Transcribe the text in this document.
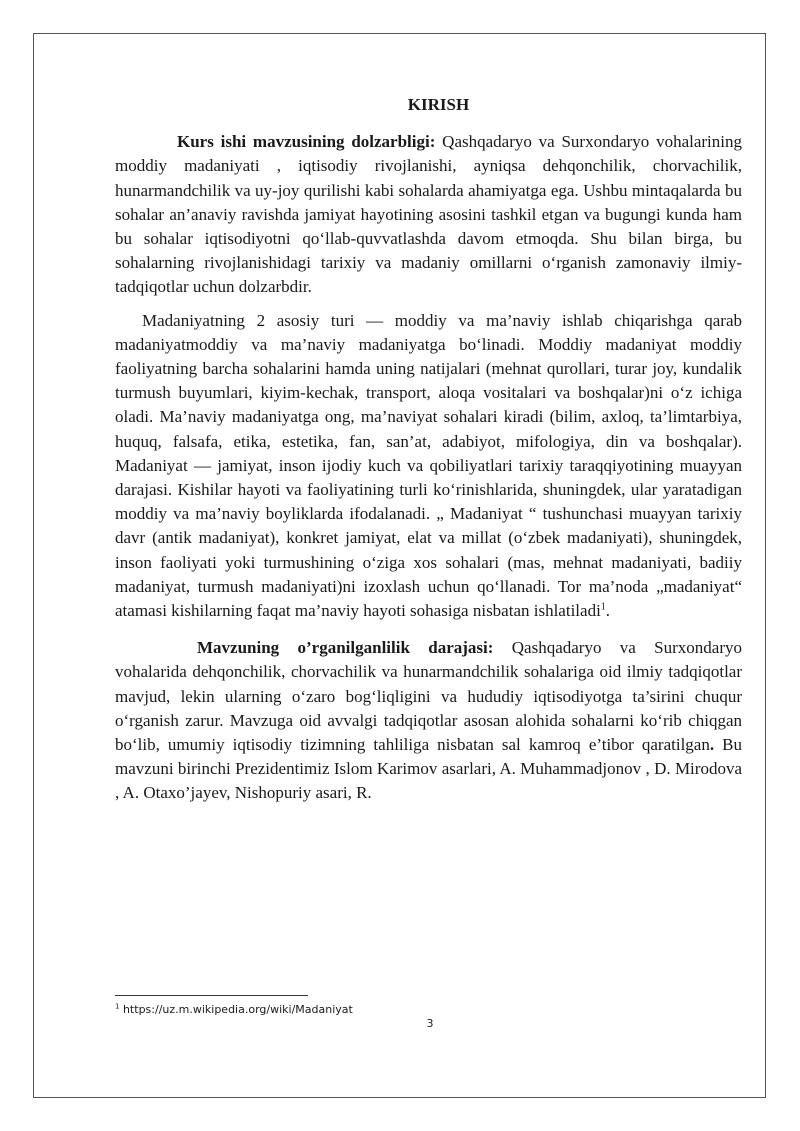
KIRISH

Kurs ishi mavzusining dolzarbligi: Qashqadaryo va Surxondaryo vohalarining moddiy madaniyati , iqtisodiy rivojlanishi, ayniqsa dehqonchilik, chorvachilik, hunarmandchilik va uy-joy qurilishi kabi sohalarda ahamiyatga ega. Ushbu mintaqalarda bu sohalar an’anaviy ravishda jamiyat hayotining asosini tashkil etgan va bugungi kunda ham bu sohalar iqtisodiyotni qo‘llab-quvvatlashda davom etmoqda. Shu bilan birga, bu sohalarning rivojlanishidagi tarixiy va madaniy omillarni o‘rganish zamonaviy ilmiy-tadqiqotlar uchun dolzarbdir.

Madaniyatning 2 asosiy turi — moddiy va ma’naviy ishlab chiqarishga qarab madaniyatmoddiy va ma’naviy madaniyatga bo‘linadi. Moddiy madaniyat moddiy faoliyatning barcha sohalarini hamda uning natijalari (mehnat qurollari, turar joy, kundalik turmush buyumlari, kiyim-kechak, transport, aloqa vositalari va boshqalar)ni o‘z ichiga oladi. Ma’naviy madaniyatga ong, ma’naviyat sohalari kiradi (bilim, axloq, ta’limtarbiya, huquq, falsafa, etika, estetika, fan, san’at, adabiyot, mifologiya, din va boshqalar). Madaniyat — jamiyat, inson ijodiy kuch va qobiliyatlari tarixiy taraqqiyotining muayyan darajasi. Kishilar hayoti va faoliyatining turli ko‘rinishlarida, shuningdek, ular yaratadigan moddiy va ma’naviy boyliklarda ifodalanadi. „ Madaniyat “ tushunchasi muayyan tarixiy davr (antik madaniyat), konkret jamiyat, elat va millat (o‘zbek madaniyati), shuningdek, inson faoliyati yoki turmushining o‘ziga xos sohalari (mas, mehnat madaniyati, badiiy madaniyat, turmush madaniyati)ni izoxlash uchun qo‘llanadi. Tor ma’noda „madaniyat“ atamasi kishilarning faqat ma’naviy hayoti sohasiga nisbatan ishlatiladi$^1$.

Mavzuning o’rganilganlilik darajasi: Qashqadaryo va Surxondaryo vohalarida dehqonchilik, chorvachilik va hunarmandchilik sohalariga oid ilmiy tadqiqotlar mavjud, lekin ularning o‘zaro bog‘liqligini va hududiy iqtisodiyotga ta’sirini chuqur o‘rganish zarur. Mavzuga oid avvalgi tadqiqotlar asosan alohida sohalarni ko‘rib chiqgan bo‘lib, umumiy iqtisodiy tizimning tahliliga nisbatan sal kamroq e’tibor qaratilgan. Bu mavzuni birinchi Prezidentimiz Islom Karimov asarlari, A. Muhammadjonov , D. Mirodova , A. Otaxo’jayev, Nishopuriy asari, R.

$^1$ https://uz.m.wikipedia.org/wiki/Madaniyat
3
